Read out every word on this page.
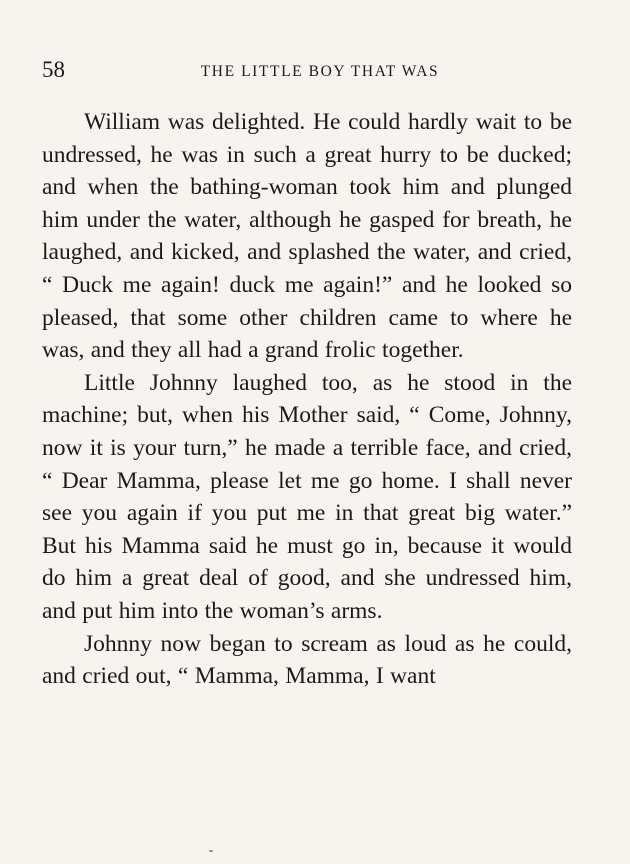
58	THE LITTLE BOY THAT WAS

William was delighted. He could hardly wait to be undressed, he was in such a great hurry to be ducked; and when the bathing-woman took him and plunged him under the water, although he gasped for breath, he laughed, and kicked, and splashed the water, and cried, “ Duck me again! duck me again!” and he looked so pleased, that some other children came to where he was, and they all had a grand frolic together.

Little Johnny laughed too, as he stood in the machine; but, when his Mother said, “ Come, Johnny, now it is your turn,” he made a terrible face, and cried, “ Dear Mamma, please let me go home. I shall never see you again if you put me in that great big water.” But his Mamma said he must go in, because it would do him a great deal of good, and she undressed him, and put him into the woman’s arms.

Johnny now began to scream as loud as he could, and cried out, “ Mamma, Mamma, I want
